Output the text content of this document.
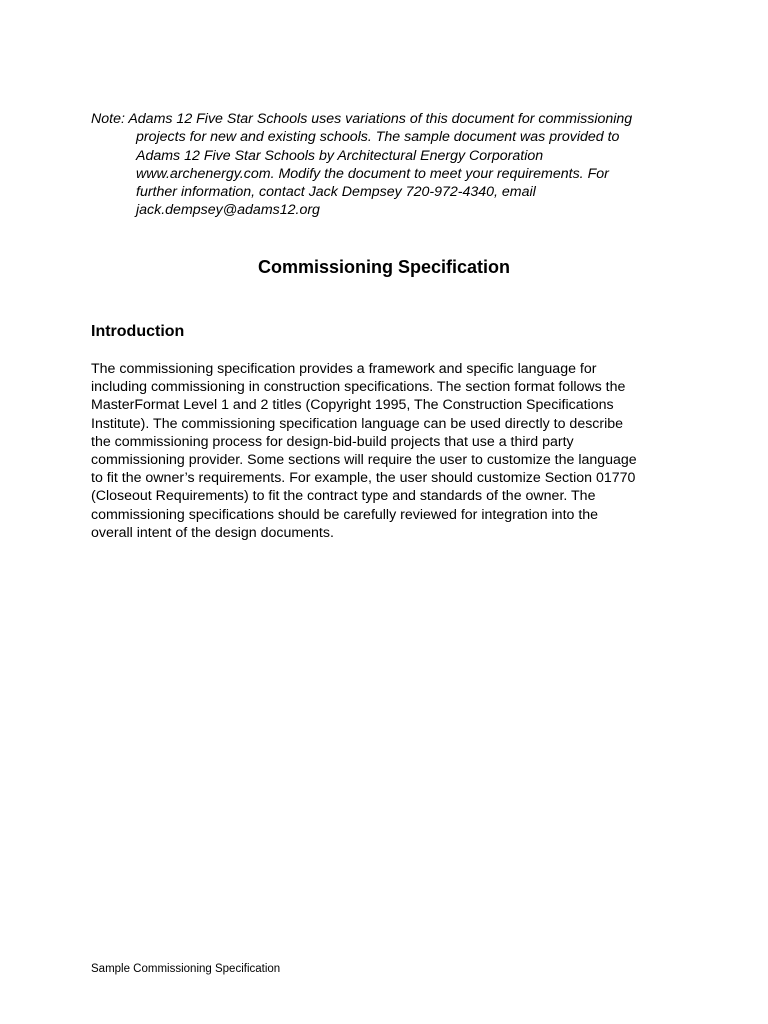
Note: Adams 12 Five Star Schools uses variations of this document for commissioning
projects for new and existing schools. The sample document was provided to
Adams 12 Five Star Schools by Architectural Energy Corporation
www.archenergy.com. Modify the document to meet your requirements. For
further information, contact Jack Dempsey 720-972-4340, email
jack.dempsey@adams12.org
Commissioning Specification
Introduction
The commissioning specification provides a framework and specific language for
including commissioning in construction specifications. The section format follows the
MasterFormat Level 1 and 2 titles (Copyright 1995, The Construction Specifications
Institute). The commissioning specification language can be used directly to describe
the commissioning process for design-bid-build projects that use a third party
commissioning provider. Some sections will require the user to customize the language
to fit the owner’s requirements. For example, the user should customize Section 01770
(Closeout Requirements) to fit the contract type and standards of the owner. The
commissioning specifications should be carefully reviewed for integration into the
overall intent of the design documents.
Sample Commissioning Specification
